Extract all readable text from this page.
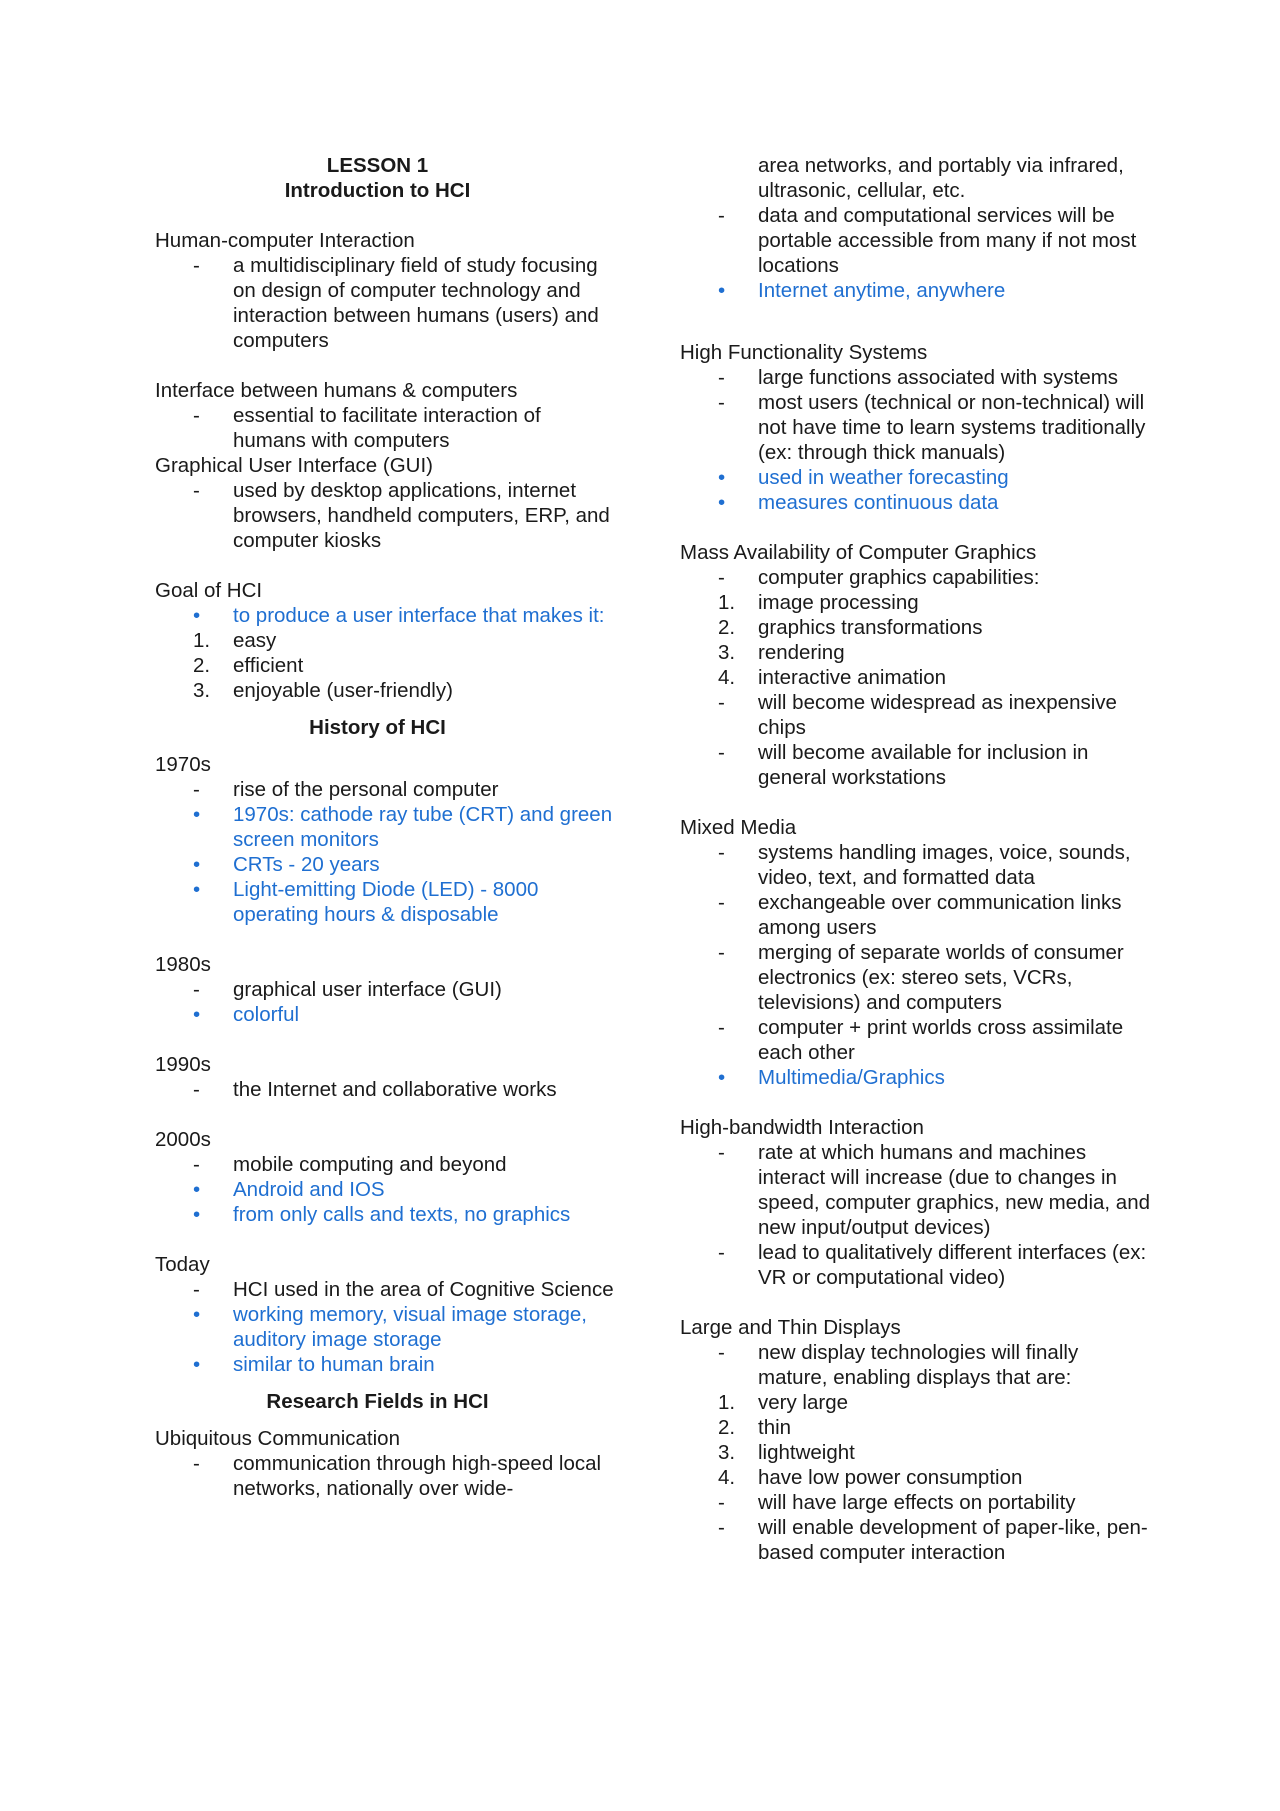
LESSON 1
Introduction to HCI
Human-computer Interaction
-	a multidisciplinary field of study focusing on design of computer technology and interaction between humans (users) and computers
Interface between humans & computers
-	essential to facilitate interaction of humans with computers
Graphical User Interface (GUI)
-	used by desktop applications, internet browsers, handheld computers, ERP, and computer kiosks
Goal of HCI
•	to produce a user interface that makes it:
1.	easy
2.	efficient
3.	enjoyable (user-friendly)
History of HCI
1970s
-	rise of the personal computer
•	1970s: cathode ray tube (CRT) and green screen monitors
•	CRTs - 20 years
•	Light-emitting Diode (LED) - 8000 operating hours & disposable
1980s
-	graphical user interface (GUI)
•	colorful
1990s
-	the Internet and collaborative works
2000s
-	mobile computing and beyond
•	Android and IOS
•	from only calls and texts, no graphics
Today
-	HCI used in the area of Cognitive Science
•	working memory, visual image storage, auditory image storage
•	similar to human brain
Research Fields in HCI
Ubiquitous Communication
-	communication through high-speed local networks, nationally over wide-
area networks, and portably via infrared, ultrasonic, cellular, etc.
-	data and computational services will be portable accessible from many if not most locations
•	Internet anytime, anywhere
High Functionality Systems
-	large functions associated with systems
-	most users (technical or non-technical) will not have time to learn systems traditionally (ex: through thick manuals)
•	used in weather forecasting
•	measures continuous data
Mass Availability of Computer Graphics
-	computer graphics capabilities:
1.	image processing
2.	graphics transformations
3.	rendering
4.	interactive animation
-	will become widespread as inexpensive chips
-	will become available for inclusion in general workstations
Mixed Media
-	systems handling images, voice, sounds, video, text, and formatted data
-	exchangeable over communication links among users
-	merging of separate worlds of consumer electronics (ex: stereo sets, VCRs, televisions) and computers
-	computer + print worlds cross assimilate each other
•	Multimedia/Graphics
High-bandwidth Interaction
-	rate at which humans and machines interact will increase (due to changes in speed, computer graphics, new media, and new input/output devices)
-	lead to qualitatively different interfaces (ex: VR or computational video)
Large and Thin Displays
-	new display technologies will finally mature, enabling displays that are:
1.	very large
2.	thin
3.	lightweight
4.	have low power consumption
-	will have large effects on portability
-	will enable development of paper-like, pen-based computer interaction
